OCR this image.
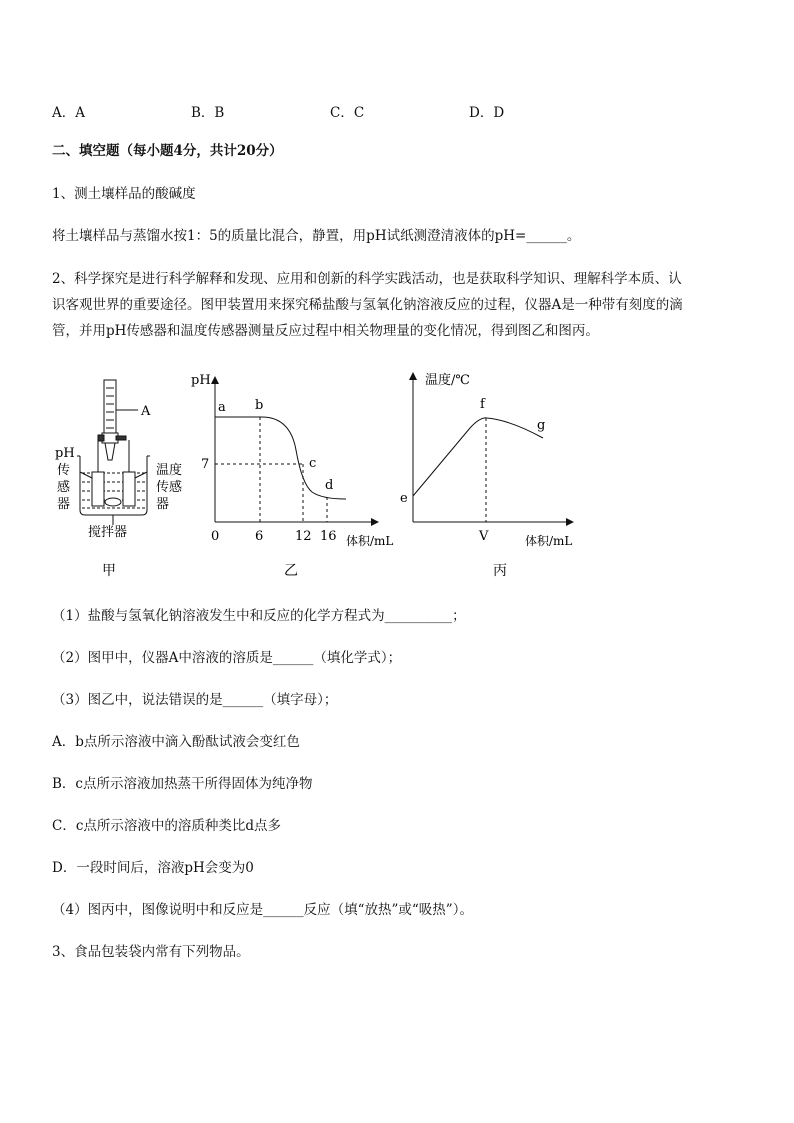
A．A	B．B	C．C	D．D
二、填空题（每小题4分，共计20分）
1、测土壤样品的酸碱度
将土壤样品与蒸馏水按1：5的质量比混合，静置，用pH试纸测澄清液体的pH=______。
2、科学探究是进行科学解释和发现、应用和创新的科学实践活动，也是获取科学知识、理解科学本质、认
识客观世界的重要途径。图甲装置用来探究稀盐酸与氢氧化钠溶液反应的过程，仪器A是一种带有刻度的滴
管，并用pH传感器和温度传感器测量反应过程中相关物理量的变化情况，得到图乙和图丙。
A
pH
传
感
器
温度
传感
器
搅拌器
甲
pH
体积/mL
7
0	6 12 16
a b
c
d
乙
温度/℃
体积/mL
V
e
f
g
丙
（1）盐酸与氢氧化钠溶液发生中和反应的化学方程式为__________；
（2）图甲中，仪器A中溶液的溶质是______（填化学式）；
（3）图乙中，说法错误的是______（填字母）；
A．b点所示溶液中滴入酚酞试液会变红色
B．c点所示溶液加热蒸干所得固体为纯净物
C．c点所示溶液中的溶质种类比d点多
D．一段时间后，溶液pH会变为0
（4）图丙中，图像说明中和反应是______反应（填“放热”或“吸热”）。
3、食品包装袋内常有下列物品。
